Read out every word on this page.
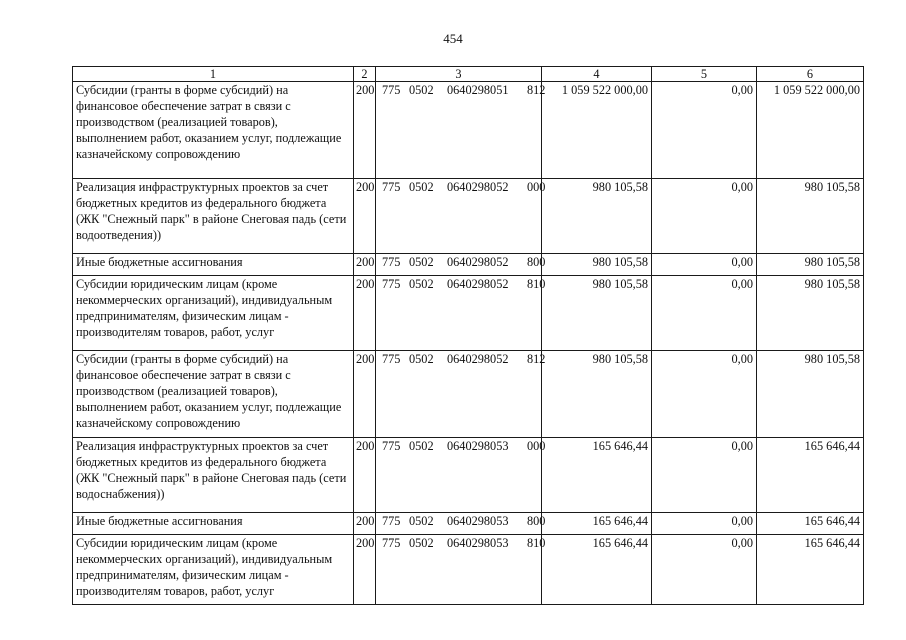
454
1	2	3	4	5	6
Субсидии (гранты в форме субсидий) на финансовое обеспечение затрат в связи с производством (реализацией товаров), выполнением работ, оказанием услуг, подлежащие казначейскому сопровождению	200	775 0502 0640298051 812	1 059 522 000,00	0,00	1 059 522 000,00
Реализация инфраструктурных проектов за счет бюджетных кредитов из федерального бюджета (ЖК "Снежный парк" в районе Снеговая падь (сети водоотведения))	200	775 0502 0640298052 000	980 105,58	0,00	980 105,58
Иные бюджетные ассигнования	200	775 0502 0640298052 800	980 105,58	0,00	980 105,58
Субсидии юридическим лицам (кроме некоммерческих организаций), индивидуальным предпринимателям, физическим лицам - производителям товаров, работ, услуг	200	775 0502 0640298052 810	980 105,58	0,00	980 105,58
Субсидии (гранты в форме субсидий) на финансовое обеспечение затрат в связи с производством (реализацией товаров), выполнением работ, оказанием услуг, подлежащие казначейскому сопровождению	200	775 0502 0640298052 812	980 105,58	0,00	980 105,58
Реализация инфраструктурных проектов за счет бюджетных кредитов из федерального бюджета (ЖК "Снежный парк" в районе Снеговая падь (сети водоснабжения))	200	775 0502 0640298053 000	165 646,44	0,00	165 646,44
Иные бюджетные ассигнования	200	775 0502 0640298053 800	165 646,44	0,00	165 646,44
Субсидии юридическим лицам (кроме некоммерческих организаций), индивидуальным предпринимателям, физическим лицам - производителям товаров, работ, услуг	200	775 0502 0640298053 810	165 646,44	0,00	165 646,44
